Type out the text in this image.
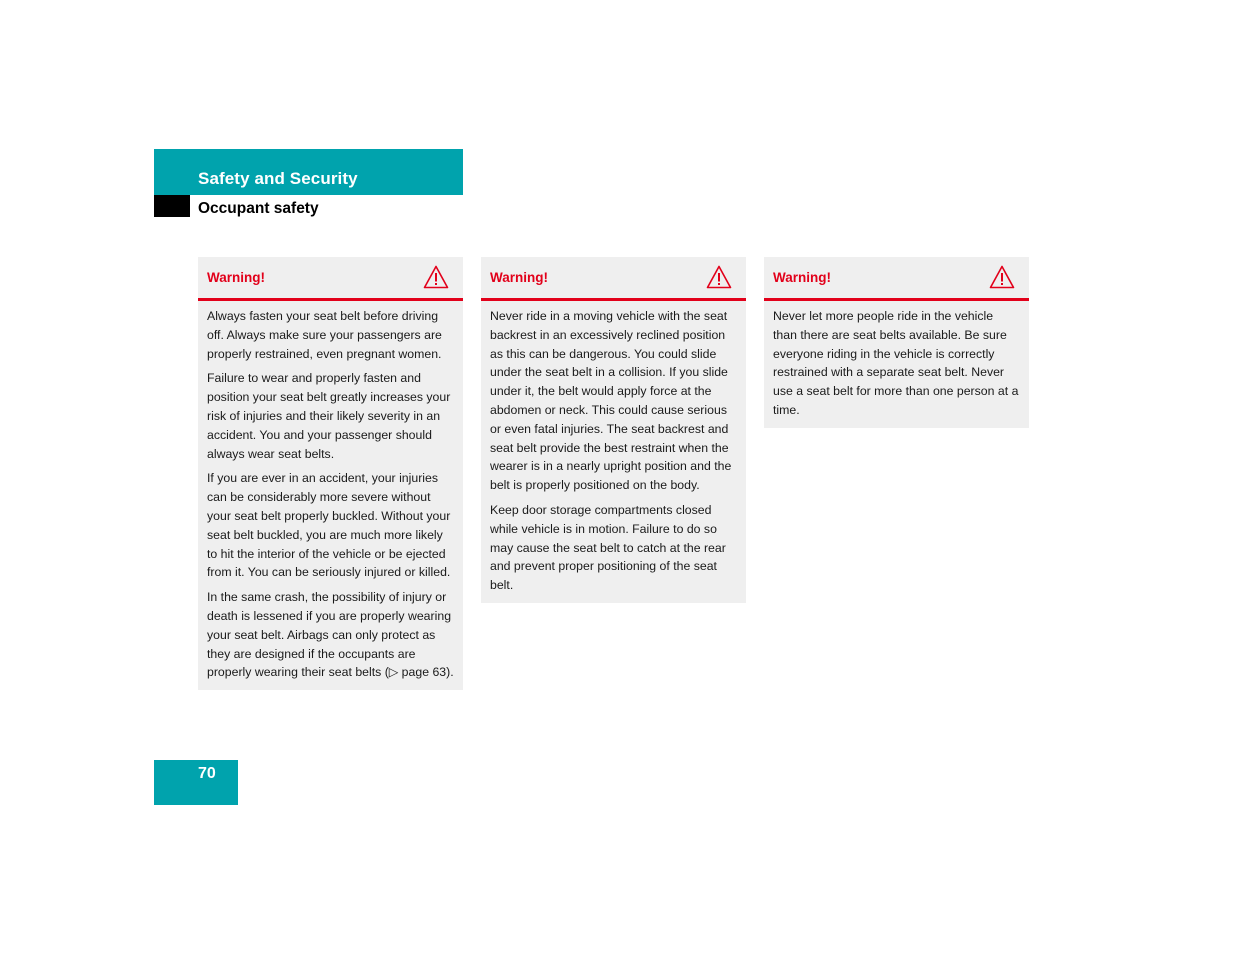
Safety and Security
Occupant safety
Warning!

Always fasten your seat belt before driving off. Always make sure your passengers are properly restrained, even pregnant women.

Failure to wear and properly fasten and position your seat belt greatly increases your risk of injuries and their likely severity in an accident. You and your passenger should always wear seat belts.

If you are ever in an accident, your injuries can be considerably more severe without your seat belt properly buckled. Without your seat belt buckled, you are much more likely to hit the interior of the vehicle or be ejected from it. You can be seriously injured or killed.

In the same crash, the possibility of injury or death is lessened if you are properly wearing your seat belt. Airbags can only protect as they are designed if the occupants are properly wearing their seat belts (▷ page 63).

Warning!

Never ride in a moving vehicle with the seat backrest in an excessively reclined position as this can be dangerous. You could slide under the seat belt in a collision. If you slide under it, the belt would apply force at the abdomen or neck. This could cause serious or even fatal injuries. The seat backrest and seat belt provide the best restraint when the wearer is in a nearly upright position and the belt is properly positioned on the body.

Keep door storage compartments closed while vehicle is in motion. Failure to do so may cause the seat belt to catch at the rear and prevent proper positioning of the seat belt.

Warning!

Never let more people ride in the vehicle than there are seat belts available. Be sure everyone riding in the vehicle is correctly restrained with a separate seat belt. Never use a seat belt for more than one person at a time.

70
